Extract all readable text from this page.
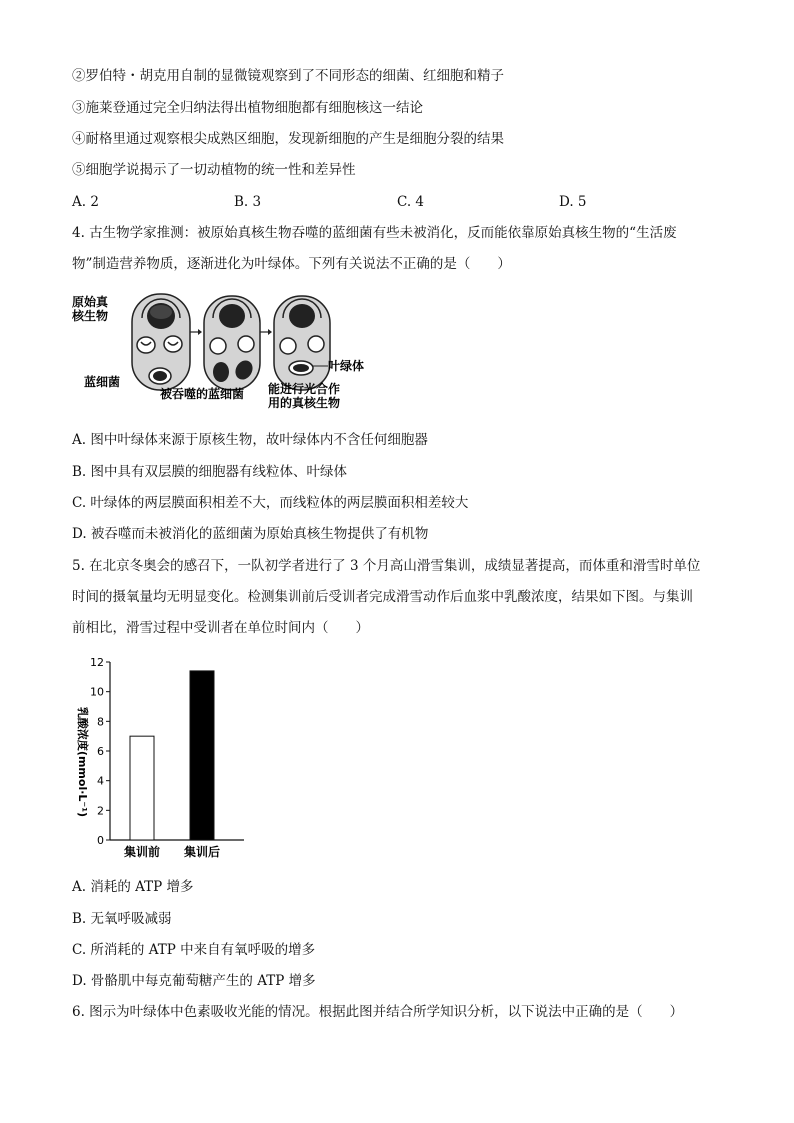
②罗伯特・胡克用自制的显微镜观察到了不同形态的细菌、红细胞和精子
③施莱登通过完全归纳法得出植物细胞都有细胞核这一结论
④耐格里通过观察根尖成熟区细胞，发现新细胞的产生是细胞分裂的结果
⑤细胞学说揭示了一切动植物的统一性和差异性
A. 2	B. 3	C. 4	D. 5
4. 古生物学家推测：被原始真核生物吞噬的蓝细菌有些未被消化，反而能依靠原始真核生物的“生活废
物”制造营养物质，逐渐进化为叶绿体。下列有关说法不正确的是（　　）
原始真
核生物
蓝细菌
被吞噬的蓝细菌
叶绿体
能进行光合作
用的真核生物
A. 图中叶绿体来源于原核生物，故叶绿体内不含任何细胞器
B. 图中具有双层膜的细胞器有线粒体、叶绿体
C. 叶绿体的两层膜面积相差不大，而线粒体的两层膜面积相差较大
D. 被吞噬而未被消化的蓝细菌为原始真核生物提供了有机物
5. 在北京冬奥会的感召下，一队初学者进行了 3 个月高山滑雪集训，成绩显著提高，而体重和滑雪时单位
时间的摄氧量均无明显变化。检测集训前后受训者完成滑雪动作后血浆中乳酸浓度，结果如下图。与集训
前相比，滑雪过程中受训者在单位时间内（　　）
0
2
4
6
8
10
12
集训前 集训后
乳酸浓度(mmol·L⁻¹)
A. 消耗的 ATP 增多
B. 无氧呼吸减弱
C. 所消耗的 ATP 中来自有氧呼吸的增多
D. 骨骼肌中每克葡萄糖产生的 ATP 增多
6. 图示为叶绿体中色素吸收光能的情况。根据此图并结合所学知识分析，以下说法中正确的是（　　）
